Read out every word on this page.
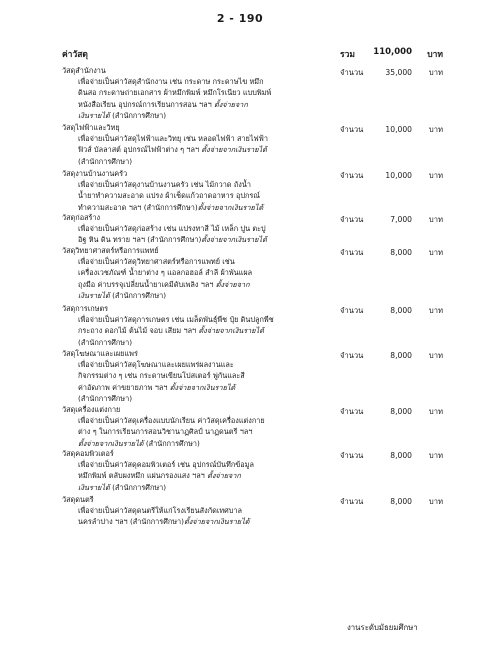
2 - 190
ค่าวัสดุ	รวม 110,000 บาท
วัสดุสำนักงาน	จำนวน	35,000 บาท
เพื่อจ่ายเป็นค่าวัสดุสำนักงาน เช่น กระดาษ กระดาษไข หมึก
ดินสอ กระดาษถ่ายเอกสาร ผ้าหมึกพิมพ์ หมึกโรเนียว แบบพิมพ์
หนังสือเรียน อุปกรณ์การเรียนการสอน ฯลฯ ตั้งจ่ายจาก
เงินรายได้ (สำนักการศึกษา)
วัสดุไฟฟ้าและวิทยุ	จำนวน	10,000 บาท
เพื่อจ่ายเป็นค่าวัสดุไฟฟ้าและวิทยุ เช่น หลอดไฟฟ้า สายไฟฟ้า
ฟิวส์ บัลลาสต์ อุปกรณ์ไฟฟ้าต่าง ๆ ฯลฯ ตั้งจ่ายจากเงินรายได้
(สำนักการศึกษา)
วัสดุงานบ้านงานครัว	จำนวน	10,000 บาท
เพื่อจ่ายเป็นค่าวัสดุงานบ้านงานครัว เช่น ไม้กวาด ถังน้ำ
น้ำยาทำความสะอาด แปรง ผ้าเช็ดแก้วถาดอาหาร อุปกรณ์
ทำความสะอาด ฯลฯ (สำนักการศึกษา)ตั้งจ่ายจากเงินรายได้
วัสดุก่อสร้าง	จำนวน	7,000 บาท
เพื่อจ่ายเป็นค่าวัสดุก่อสร้าง เช่น แปรงทาสี ไม้ เหล็ก ปูน ตะปู
อิฐ หิน ดิน ทราย ฯลฯ (สำนักการศึกษา)ตั้งจ่ายจากเงินรายได้
วัสดุวิทยาศาสตร์หรือการแพทย์	จำนวน	8,000 บาท
เพื่อจ่ายเป็นค่าวัสดุวิทยาศาสตร์หรือการแพทย์ เช่น
เครื่องเวชภัณฑ์ น้ำยาต่าง ๆ แอลกอฮอล์ สำลี ผ้าพันแผล
ถุงมือ ค่าบรรจุเปลี่ยนน้ำยาเคมีดับเพลิง ฯลฯ ตั้งจ่ายจาก
เงินรายได้ (สำนักการศึกษา)
วัสดุการเกษตร	จำนวน	8,000 บาท
เพื่อจ่ายเป็นค่าวัสดุการเกษตร เช่น เมล็ดพันธุ์พืช ปุ๋ย ดินปลูกพืช
กระถาง ดอกไม้ ต้นไม้ จอบ เสียม ฯลฯ ตั้งจ่ายจากเงินรายได้
(สำนักการศึกษา)
วัสดุโฆษณาและเผยแพร่	จำนวน	8,000 บาท
เพื่อจ่ายเป็นค่าวัสดุโฆษณาและเผยแพร่ผลงานและ
กิจกรรมต่าง ๆ เช่น กระดาษเขียนโปสเตอร์ พู่กันและสี
ค่าอัดภาพ ค่าขยายภาพ ฯลฯ ตั้งจ่ายจากเงินรายได้
(สำนักการศึกษา)
วัสดุเครื่องแต่งกาย	จำนวน	8,000 บาท
เพื่อจ่ายเป็นค่าวัสดุเครื่องแบบนักเรียน ค่าวัสดุเครื่องแต่งกาย
ต่าง ๆ ในการเรียนการสอนวิชานาฏศิลป์ นาฏดนตรี ฯลฯ
ตั้งจ่ายจากเงินรายได้ (สำนักการศึกษา)
วัสดุคอมพิวเตอร์	จำนวน	8,000 บาท
เพื่อจ่ายเป็นค่าวัสดุคอมพิวเตอร์ เช่น อุปกรณ์บันทึกข้อมูล
หมึกพิมพ์ ตลับผงหมึก แผ่นกรองแสง ฯลฯ ตั้งจ่ายจาก
เงินรายได้ (สำนักการศึกษา)
วัสดุดนตรี	จำนวน	8,000 บาท
เพื่อจ่ายเป็นค่าวัสดุดนตรีให้แก่โรงเรียนสังกัดเทศบาล
นครลำปาง ฯลฯ (สำนักการศึกษา)ตั้งจ่ายจากเงินรายได้
งานระดับมัธยมศึกษา
